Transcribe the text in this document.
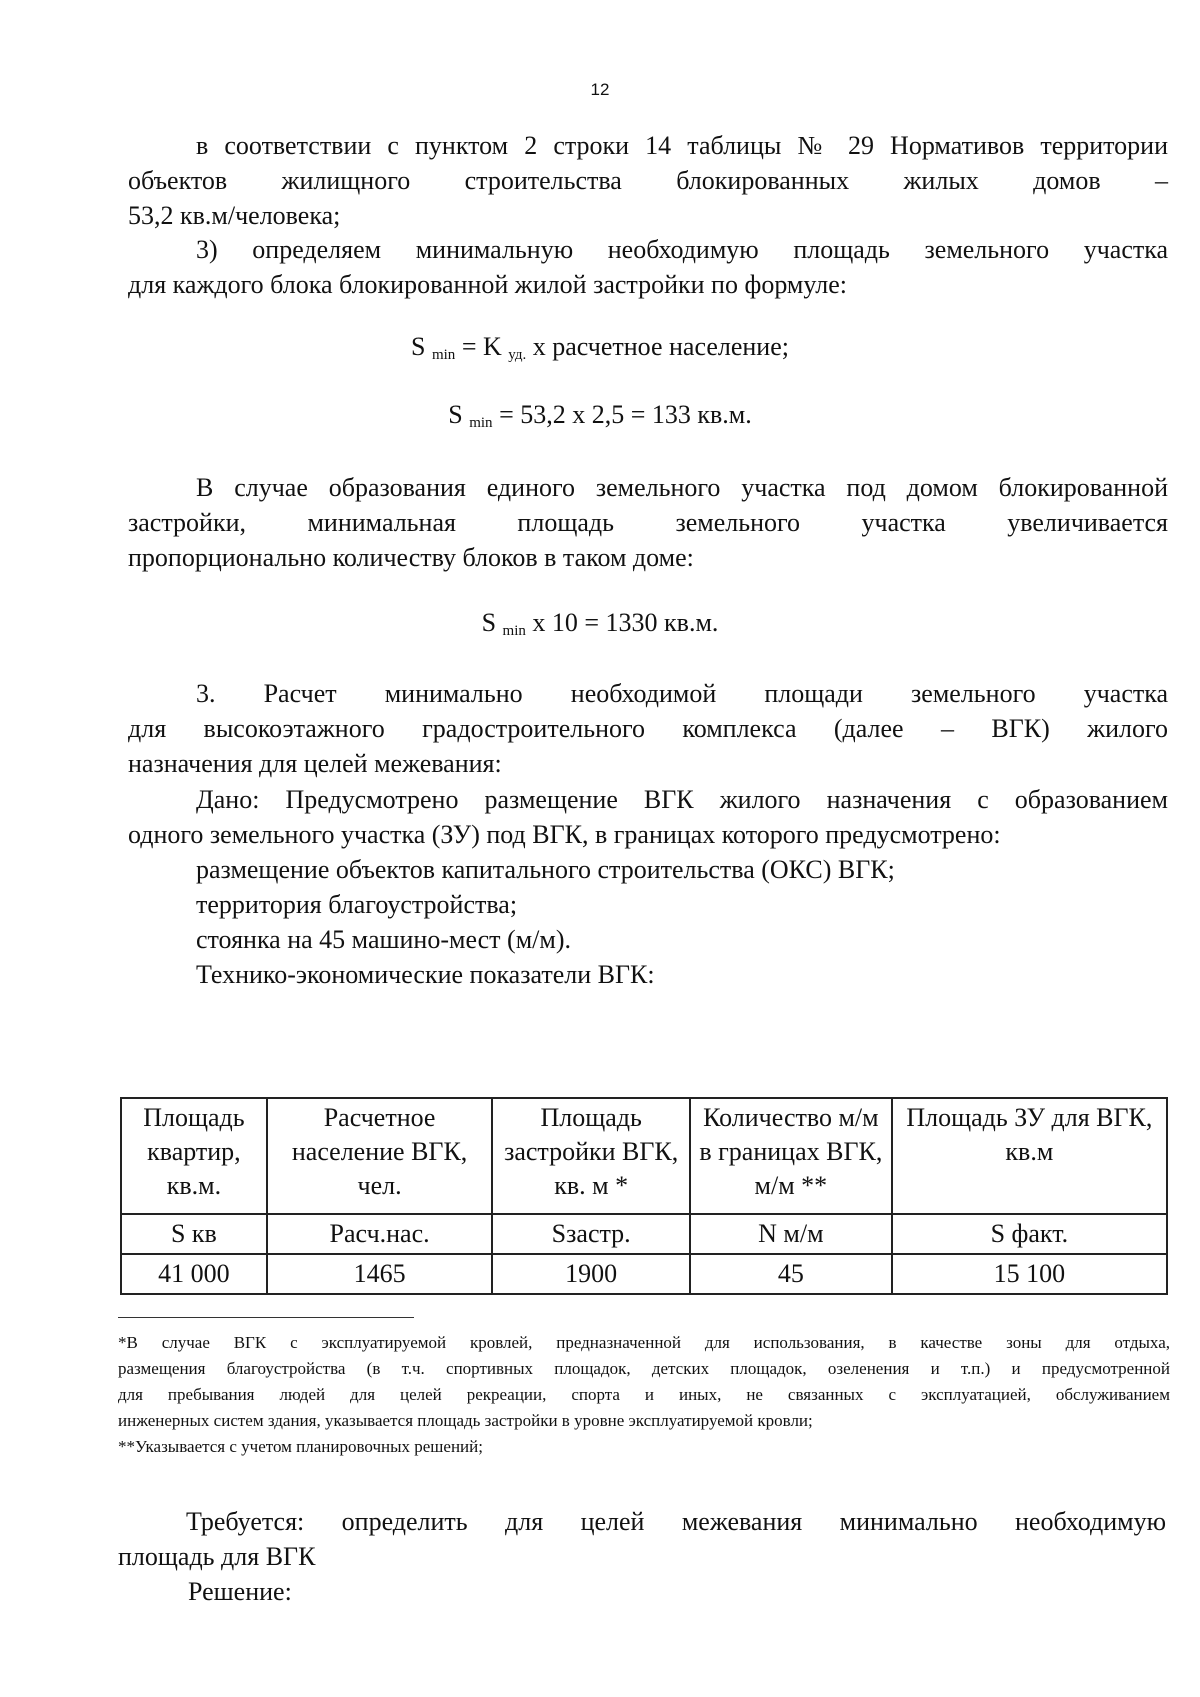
12
в соответствии с пунктом 2 строки 14 таблицы № 29 Нормативов территории
объектов жилищного строительства блокированных жилых домов –
53,2 кв.м/человека;
3) определяем минимальную необходимую площадь земельного участка
для каждого блока блокированной жилой застройки по формуле:
S $_{min}$ = K $_{уд.}$ х расчетное население;
S $_{min}$ = 53,2 х 2,5 = 133 кв.м.
В случае образования единого земельного участка под домом блокированной
застройки, минимальная площадь земельного участка увеличивается
пропорционально количеству блоков в таком доме:
S $_{min}$ х 10 = 1330 кв.м.
3. Расчет минимально необходимой площади земельного участка
для высокоэтажного градостроительного комплекса (далее – ВГК) жилого
назначения для целей межевания:
Дано: Предусмотрено размещение ВГК жилого назначения с образованием
одного земельного участка (ЗУ) под ВГК, в границах которого предусмотрено:
размещение объектов капитального строительства (ОКС) ВГК;
территория благоустройства;
стоянка на 45 машино-мест (м/м).
Технико-экономические показатели ВГК:
Площадь квартир, кв.м.	Расчетное население ВГК, чел.	Площадь застройки ВГК, кв. м *	Количество м/м в границах ВГК, м/м **	Площадь ЗУ для ВГК, кв.м
S кв	Расч.нас.	Sзастр.	N м/м	S факт.
41 000	1465	1900	45	15 100
*В случае ВГК с эксплуатируемой кровлей, предназначенной для использования, в качестве зоны для отдыха,
размещения благоустройства (в т.ч. спортивных площадок, детских площадок, озеленения и т.п.) и предусмотренной
для пребывания людей для целей рекреации, спорта и иных, не связанных с эксплуатацией, обслуживанием
инженерных систем здания, указывается площадь застройки в уровне эксплуатируемой кровли;
**Указывается с учетом планировочных решений;
Требуется: определить для целей межевания минимально необходимую
площадь для ВГК
Решение:
